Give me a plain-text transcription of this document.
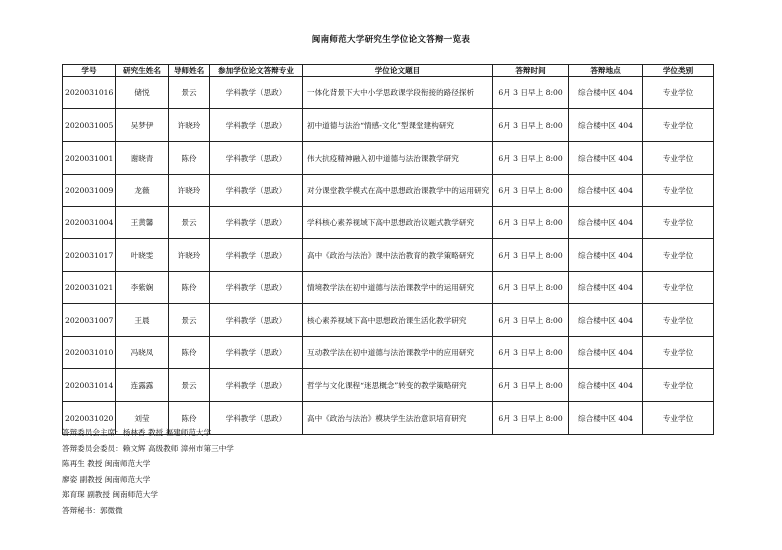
闽南师范大学研究生学位论文答辩一览表
学号	研究生姓名	导师姓名	参加学位论文答辩专业	学位论文题目	答辩时间	答辩地点	学位类别
2020031016	储悦	景云	学科教学（思政）	一体化背景下大中小学思政课学段衔接的路径探析	6月 3 日早上 8:00	综合楼中区 404	专业学位
2020031005	吴梦伊	许晓玲	学科教学（思政）	初中道德与法治“情感-文化”型课堂建构研究	6月 3 日早上 8:00	综合楼中区 404	专业学位
2020031001	谢晓青	陈伶	学科教学（思政）	伟大抗疫精神融入初中道德与法治课教学研究	6月 3 日早上 8:00	综合楼中区 404	专业学位
2020031009	龙薇	许晓玲	学科教学（思政）	对分课堂教学模式在高中思想政治课教学中的运用研究	6月 3 日早上 8:00	综合楼中区 404	专业学位
2020031004	王黄馨	景云	学科教学（思政）	学科核心素养视域下高中思想政治议题式教学研究	6月 3 日早上 8:00	综合楼中区 404	专业学位
2020031017	叶晓雯	许晓玲	学科教学（思政）	高中《政治与法治》课中法治教育的教学策略研究	6月 3 日早上 8:00	综合楼中区 404	专业学位
2020031021	李紫娴	陈伶	学科教学（思政）	情境教学法在初中道德与法治课教学中的运用研究	6月 3 日早上 8:00	综合楼中区 404	专业学位
2020031007	王晨	景云	学科教学（思政）	核心素养视域下高中思想政治课生活化教学研究	6月 3 日早上 8:00	综合楼中区 404	专业学位
2020031010	冯晓凤	陈伶	学科教学（思政）	互动教学法在初中道德与法治课教学中的应用研究	6月 3 日早上 8:00	综合楼中区 404	专业学位
2020031014	连露露	景云	学科教学（思政）	哲学与文化课程“迷思概念”转变的教学策略研究	6月 3 日早上 8:00	综合楼中区 404	专业学位
2020031020	刘莹	陈伶	学科教学（思政）	高中《政治与法治》模块学生法治意识培育研究	6月 3 日早上 8:00	综合楼中区 404	专业学位
答辩委员会主席：杨林香 教授 福建师范大学
答辩委员会委员：赖文辉 高级教师 漳州市第三中学
陈再生 教授 闽南师范大学
廖姿 副教授 闽南师范大学
郑育琛 副教授 闽南师范大学
答辩秘书：郭微微
